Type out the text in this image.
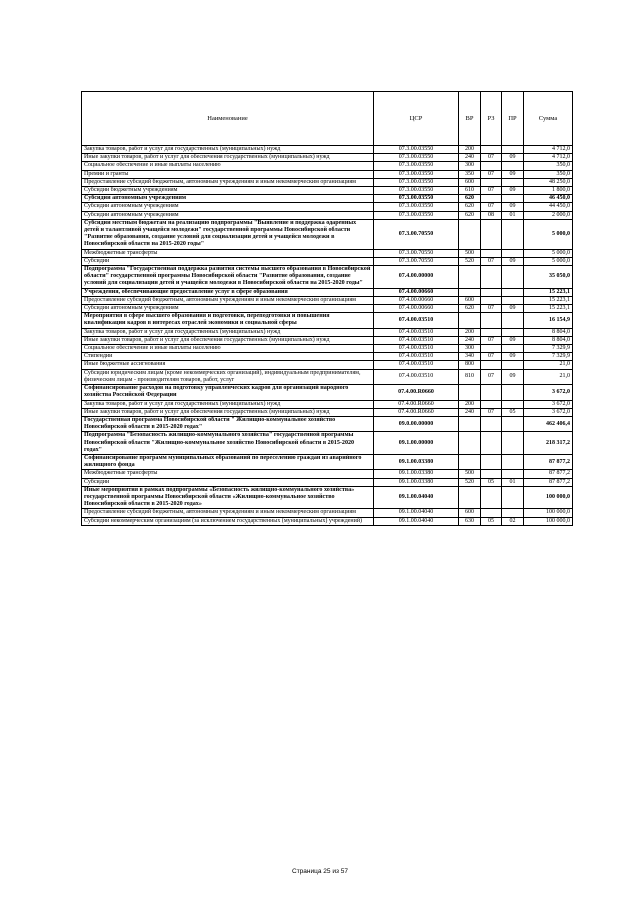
Наименование	ЦСР	ВР	РЗ	ПР	Сумма
Закупка товаров, работ и услуг для государственных (муниципальных) нужд	07.3.00.03550	200			4 712,0
Иные закупки товаров, работ и услуг для обеспечения государственных (муниципальных) нужд	07.3.00.03550	240	07	09	4 712,0
Социальное обеспечение и иные выплаты населению	07.3.00.03550	300			350,0
Премии и гранты	07.3.00.03550	350	07	09	350,0
Предоставление субсидий бюджетным, автономным учреждениям и иным некоммерческим организациям	07.3.00.03550	600			48 250,0
Субсидии бюджетным учреждениям	07.3.00.03550	610	07	09	1 800,0
Субсидии автономным учреждениям	07.3.00.03550	620			46 450,0
Субсидии автономным учреждениям	07.3.00.03550	620	07	09	44 450,0
Субсидии автономным учреждениям	07.3.00.03550	620	08	01	2 000,0
Субсидии местным бюджетам на реализацию подпрограммы "Выявление и поддержка одаренных детей и талантливой учащейся молодежи" государственной программы Новосибирской области "Развитие образования, создание условий для социализации детей и учащейся молодежи в Новосибирской области на 2015-2020 годы"	07.3.00.70550				5 000,0
Межбюджетные трансферты	07.3.00.70550	500			5 000,0
Субсидии	07.3.00.70550	520	07	09	5 000,0
Подпрограмма "Государственная поддержка развития системы высшего образования в Новосибирской области" государственной программы Новосибирской области "Развитие образования, создание условий для социализации детей и учащейся молодежи в Новосибирской области на 2015-2020 годы"	07.4.00.00000				35 050,0
Учреждения, обеспечивающие предоставление услуг в сфере образования	07.4.00.00660				15 223,1
Предоставление субсидий бюджетным, автономным учреждениям и иным некоммерческим организациям	07.4.00.00660	600			15 223,1
Субсидии автономным учреждениям	07.4.00.00660	620	07	09	15 223,1
Мероприятия в сфере высшего образования и подготовки, переподготовки и повышения квалификации кадров в интересах отраслей экономики и социальной сферы	07.4.00.03510				16 154,9
Закупка товаров, работ и услуг для государственных (муниципальных) нужд	07.4.00.03510	200			8 804,0
Иные закупки товаров, работ и услуг для обеспечения государственных (муниципальных) нужд	07.4.00.03510	240	07	09	8 804,0
Социальное обеспечение и иные выплаты населению	07.4.00.03510	300			7 329,9
Стипендии	07.4.00.03510	340	07	09	7 329,9
Иные бюджетные ассигнования	07.4.00.03510	800			21,0
Субсидии юридическим лицам (кроме некоммерческих организаций), индивидуальным предпринимателям, физическим лицам - производителям товаров, работ, услуг	07.4.00.03510	810	07	09	21,0
Софинансирование расходов на подготовку управленческих кадров для организаций народного хозяйства Российской Федерации	07.4.00.R0660				3 672,0
Закупка товаров, работ и услуг для государственных (муниципальных) нужд	07.4.00.R0660	200			3 672,0
Иные закупки товаров, работ и услуг для обеспечения государственных (муниципальных) нужд	07.4.00.R0660	240	07	05	3 672,0
Государственная программа Новосибирской области " Жилищно-коммунальное хозяйство Новосибирской области в 2015-2020 годах"	09.0.00.00000				462 406,4
Подпрограмма "Безопасность жилищно-коммунального хозяйства" государственной программы Новосибирской области "Жилищно-коммунальное хозяйство Новосибирской области в 2015-2020 годах"	09.1.00.00000				218 317,2
Софинансирование программ муниципальных образований по переселению граждан из аварийного жилищного фонда	09.1.00.03380				87 877,2
Межбюджетные трансферты	09.1.00.03380	500			87 877,2
Субсидии	09.1.00.03380	520	05	01	87 877,2
Иные мероприятия в рамках подпрограммы «Безопасность жилищно-коммунального хозяйства» государственной программы Новосибирской области «Жилищно-коммунальное хозяйство Новосибирской области в 2015-2020 годах»	09.1.00.04040				100 000,0
Предоставление субсидий бюджетным, автономным учреждениям и иным некоммерческим организациям	09.1.00.04040	600			100 000,0
Субсидии некоммерческим организациям (за исключением государственных (муниципальных) учреждений)	09.1.00.04040	630	05	02	100 000,0
Страница 25 из 57
